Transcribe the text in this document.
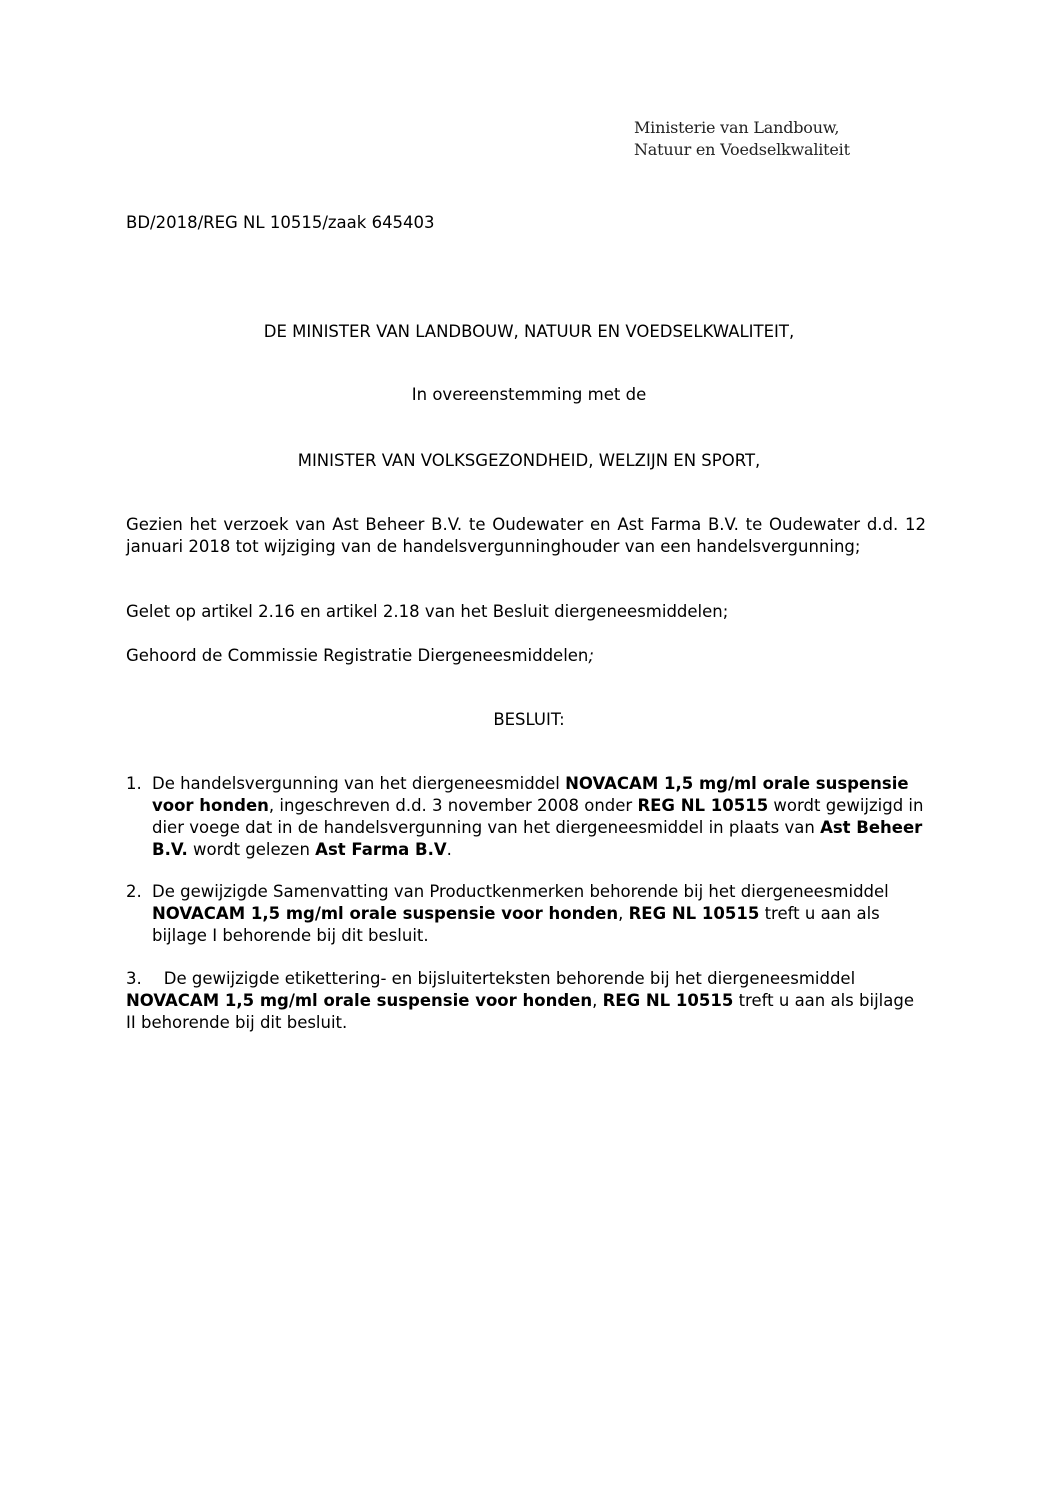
Ministerie van Landbouw,
Natuur en Voedselkwaliteit
BD/2018/REG NL 10515/zaak 645403
DE MINISTER VAN LANDBOUW, NATUUR EN VOEDSELKWALITEIT,
In overeenstemming met de
MINISTER VAN VOLKSGEZONDHEID, WELZIJN EN SPORT,
Gezien het verzoek van Ast Beheer B.V. te Oudewater en Ast Farma B.V. te Oudewater d.d. 12 januari 2018 tot wijziging van de handelsvergunninghouder van een handelsvergunning;
Gelet op artikel 2.16 en artikel 2.18 van het Besluit diergeneesmiddelen;
Gehoord de Commissie Registratie Diergeneesmiddelen;
BESLUIT:
1. De handelsvergunning van het diergeneesmiddel NOVACAM 1,5 mg/ml orale suspensie voor honden, ingeschreven d.d. 3 november 2008 onder REG NL 10515 wordt gewijzigd in dier voege dat in de handelsvergunning van het diergeneesmiddel in plaats van Ast Beheer B.V. wordt gelezen Ast Farma B.V.
2. De gewijzigde Samenvatting van Productkenmerken behorende bij het diergeneesmiddel NOVACAM 1,5 mg/ml orale suspensie voor honden, REG NL 10515 treft u aan als bijlage I behorende bij dit besluit.
3. De gewijzigde etikettering- en bijsluiterteksten behorende bij het diergeneesmiddel NOVACAM 1,5 mg/ml orale suspensie voor honden, REG NL 10515 treft u aan als bijlage II behorende bij dit besluit.
